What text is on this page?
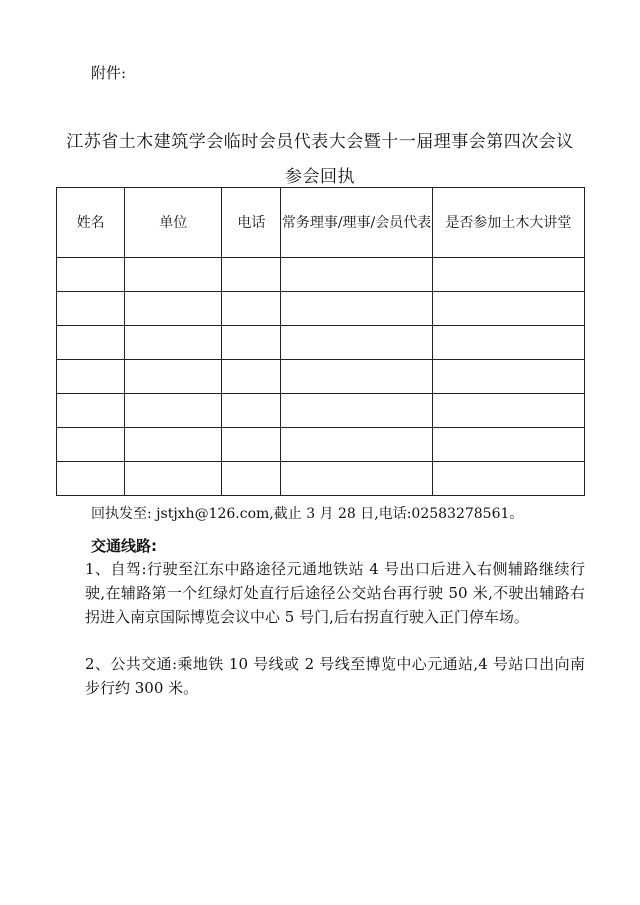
附件:
江苏省土木建筑学会临时会员代表大会暨十一届理事会第四次会议
参会回执
姓名	单位	电话	常务理事/理事/会员代表	是否参加土木大讲堂

回执发至: jstjxh@126.com,截止 3 月 28 日,电话:02583278561。
交通线路:
1、自驾:行驶至江东中路途径元通地铁站 4 号出口后进入右侧辅路继续行驶,在辅路第一个红绿灯处直行后途径公交站台再行驶 50 米,不驶出辅路右拐进入南京国际博览会议中心 5 号门,后右拐直行驶入正门停车场。
2、公共交通:乘地铁 10 号线或 2 号线至博览中心元通站,4 号站口出向南步行约 300 米。
